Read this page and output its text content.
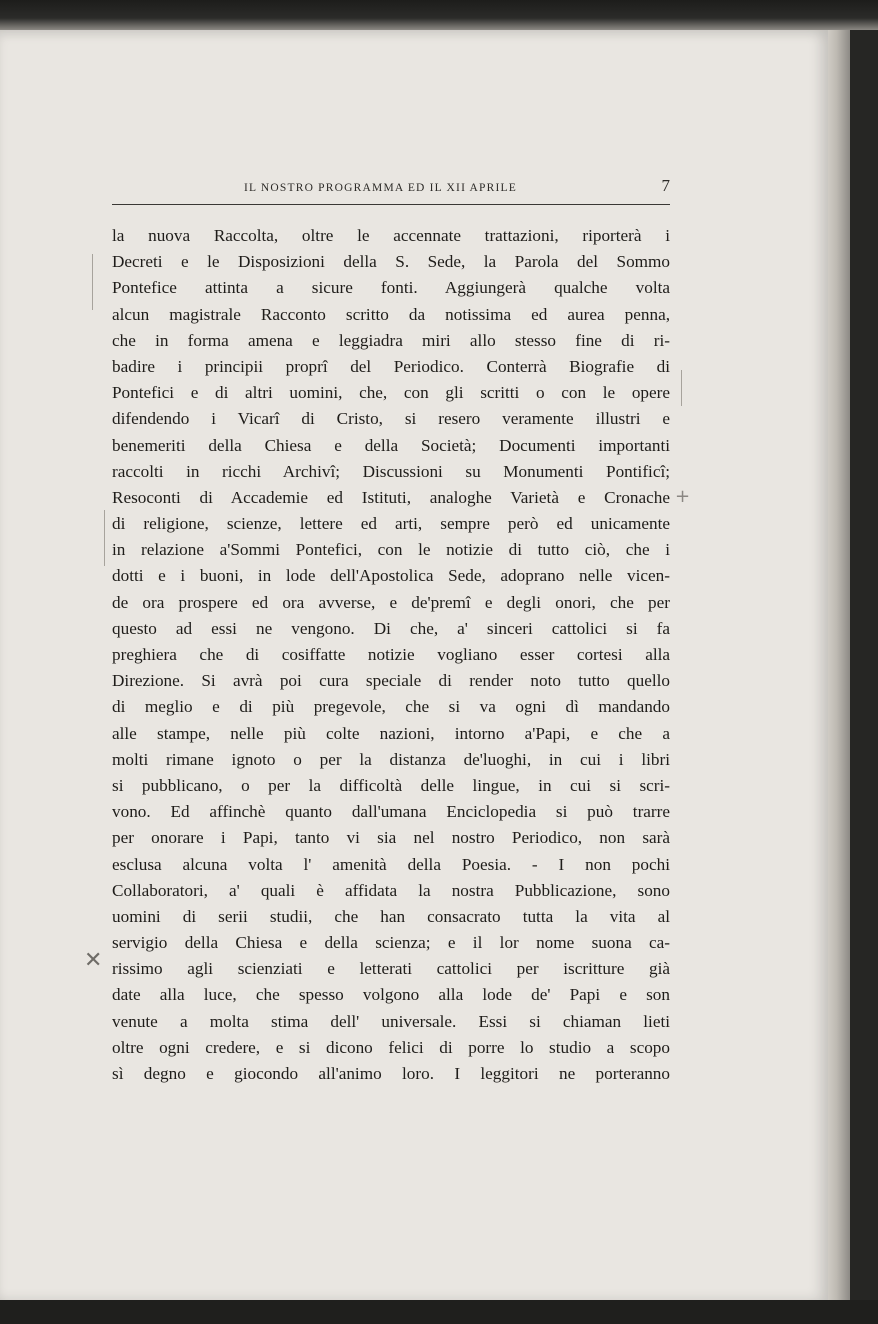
IL NOSTRO PROGRAMMA ED IL XII APRILE	7
la nuova Raccolta, oltre le accennate trattazioni, riporterà i
Decreti e le Disposizioni della S. Sede, la Parola del Sommo
Pontefice attinta a sicure fonti. Aggiungerà qualche volta
alcun magistrale Racconto scritto da notissima ed aurea penna,
che in forma amena e leggiadra miri allo stesso fine di ri-
badire i principii proprî del Periodico. Conterrà Biografie di
Pontefici e di altri uomini, che, con gli scritti o con le opere
difendendo i Vicarî di Cristo, si resero veramente illustri e
benemeriti della Chiesa e della Società; Documenti importanti
raccolti in ricchi Archivî; Discussioni su Monumenti Pontificî;
Resoconti di Accademie ed Istituti, analoghe Varietà e Cronache
di religione, scienze, lettere ed arti, sempre però ed unicamente
in relazione a'Sommi Pontefici, con le notizie di tutto ciò, che i
dotti e i buoni, in lode dell'Apostolica Sede, adoprano nelle vicen-
de ora prospere ed ora avverse, e de'premî e degli onori, che per
questo ad essi ne vengono. Di che, a' sinceri cattolici si fa
preghiera che di cosiffatte notizie vogliano esser cortesi alla
Direzione. Si avrà poi cura speciale di render noto tutto quello
di meglio e di più pregevole, che si va ogni dì mandando
alle stampe, nelle più colte nazioni, intorno a'Papi, e che a
molti rimane ignoto o per la distanza de'luoghi, in cui i libri
si pubblicano, o per la difficoltà delle lingue, in cui si scri-
vono. Ed affinchè quanto dall'umana Enciclopedia si può trarre
per onorare i Papi, tanto vi sia nel nostro Periodico, non sarà
esclusa alcuna volta l' amenità della Poesia. - I non pochi
Collaboratori, a' quali è affidata la nostra Pubblicazione, sono
uomini di serii studii, che han consacrato tutta la vita al
servigio della Chiesa e della scienza; e il lor nome suona ca-
rissimo agli scienziati e letterati cattolici per iscritture già
date alla luce, che spesso volgono alla lode de' Papi e son
venute a molta stima dell' universale. Essi si chiaman lieti
oltre ogni credere, e si dicono felici di porre lo studio a scopo
sì degno e giocondo all'animo loro. I leggitori ne porteranno
✕
+
